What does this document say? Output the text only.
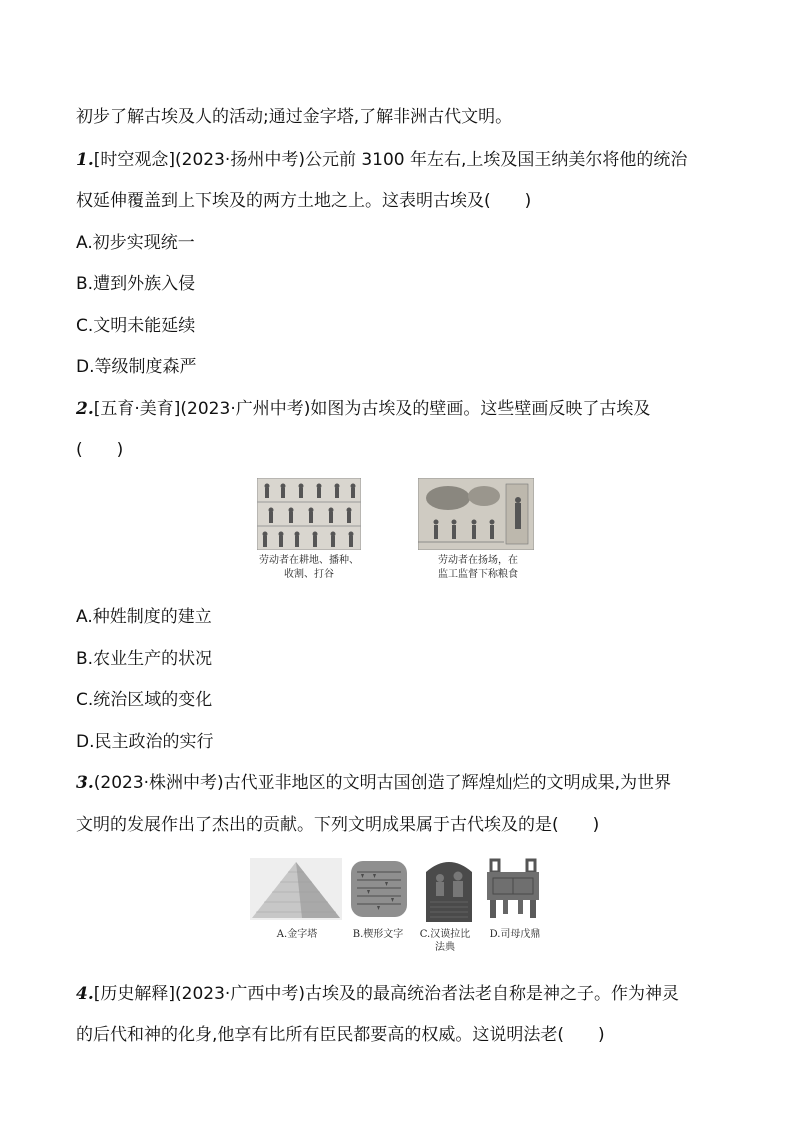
初步了解古埃及人的活动;通过金字塔,了解非洲古代文明。
1.[时空观念](2023·扬州中考)公元前 3100 年左右,上埃及国王纳美尔将他的统治
权延伸覆盖到上下埃及的两方土地之上。这表明古埃及(　　)
A.初步实现统一
B.遭到外族入侵
C.文明未能延续
D.等级制度森严
2.[五育·美育](2023·广州中考)如图为古埃及的壁画。这些壁画反映了古埃及
(　　)
劳动者在耕地、播种、
收割、打谷
劳动者在扬场，在
监工监督下称粮食
A.种姓制度的建立
B.农业生产的状况
C.统治区域的变化
D.民主政治的实行
3.(2023·株洲中考)古代亚非地区的文明古国创造了辉煌灿烂的文明成果,为世界
文明的发展作出了杰出的贡献。下列文明成果属于古代埃及的是(　　)
A.金字塔	B.楔形文字	C.汉谟拉比
法典
D.司母戊鼎
4.[历史解释](2023·广西中考)古埃及的最高统治者法老自称是神之子。作为神灵
的后代和神的化身,他享有比所有臣民都要高的权威。这说明法老(　　)
